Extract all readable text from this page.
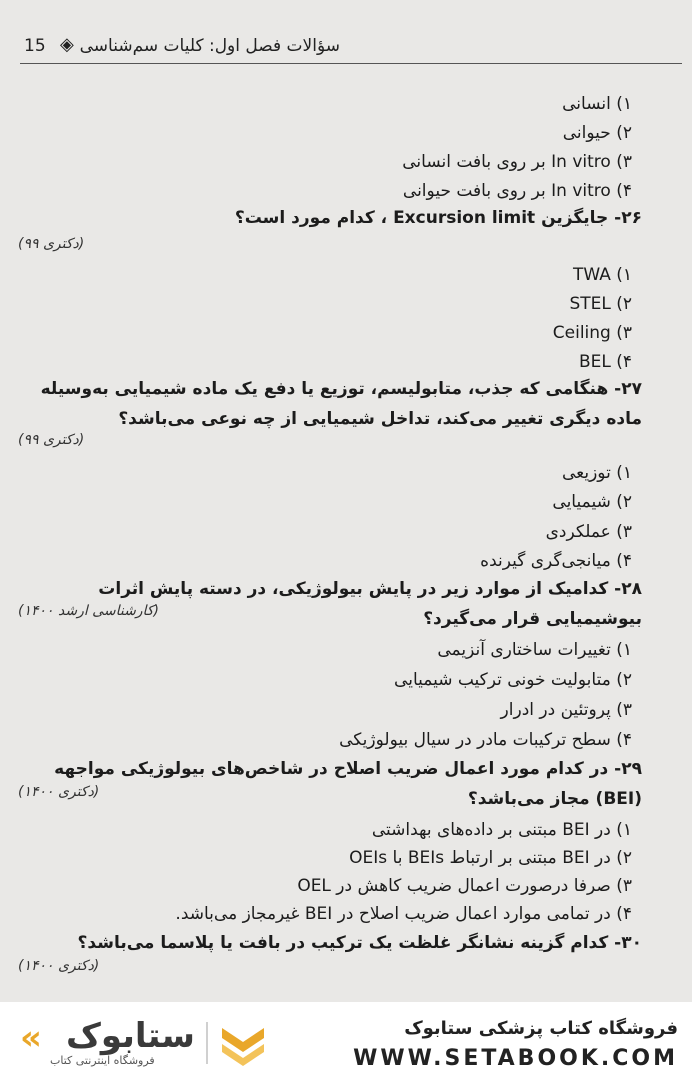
15 ◈ سؤالات فصل اول: کلیات سم‌شناسی
۱) انسانی
۲) حیوانی
۳) In vitro بر روی بافت انسانی
۴) In vitro بر روی بافت حیوانی
۲۶- جایگزین Excursion limit ، کدام مورد است؟
(دکتری ۹۹)
TWA (۱
STEL (۲
Ceiling (۳
BEL (۴
۲۷- هنگامی که جذب، متابولیسم، توزیع یا دفع یک ماده شیمیایی به‌وسیله ماده دیگری تغییر می‌کند، تداخل شیمیایی از چه نوعی می‌باشد؟
(دکتری ۹۹)
۱) توزیعی
۲) شیمیایی
۳) عملکردی
۴) میانجی‌گری گیرنده
۲۸- کدامیک از موارد زیر در پایش بیولوژیکی، در دسته پایش اثرات بیوشیمیایی قرار می‌گیرد؟
(کارشناسی ارشد ۱۴۰۰)
۱) تغییرات ساختاری آنزیمی
۲) متابولیت خونی ترکیب شیمیایی
۳) پروتئین در ادرار
۴) سطح ترکیبات مادر در سیال بیولوژیکی
۲۹- در کدام مورد اعمال ضریب اصلاح در شاخص‌های بیولوژیکی مواجهه (BEI) مجاز می‌باشد؟
(دکتری ۱۴۰۰)
۱) در BEI مبتنی بر داده‌های بهداشتی
۲) در BEI مبتنی بر ارتباط BEIs با OEIs
۳) صرفا درصورت اعمال ضریب کاهش در OEL
۴) در تمامی موارد اعمال ضریب اصلاح در BEI غیرمجاز می‌باشد.
۳۰- کدام گزینه نشانگر غلظت یک ترکیب در بافت یا پلاسما می‌باشد؟
(دکتری ۱۴۰۰)
« ستابوک
فروشگاه اینترنتی کتاب
فروشگاه کتاب پزشکی ستابوک
WWW.SETABOOK.COM
